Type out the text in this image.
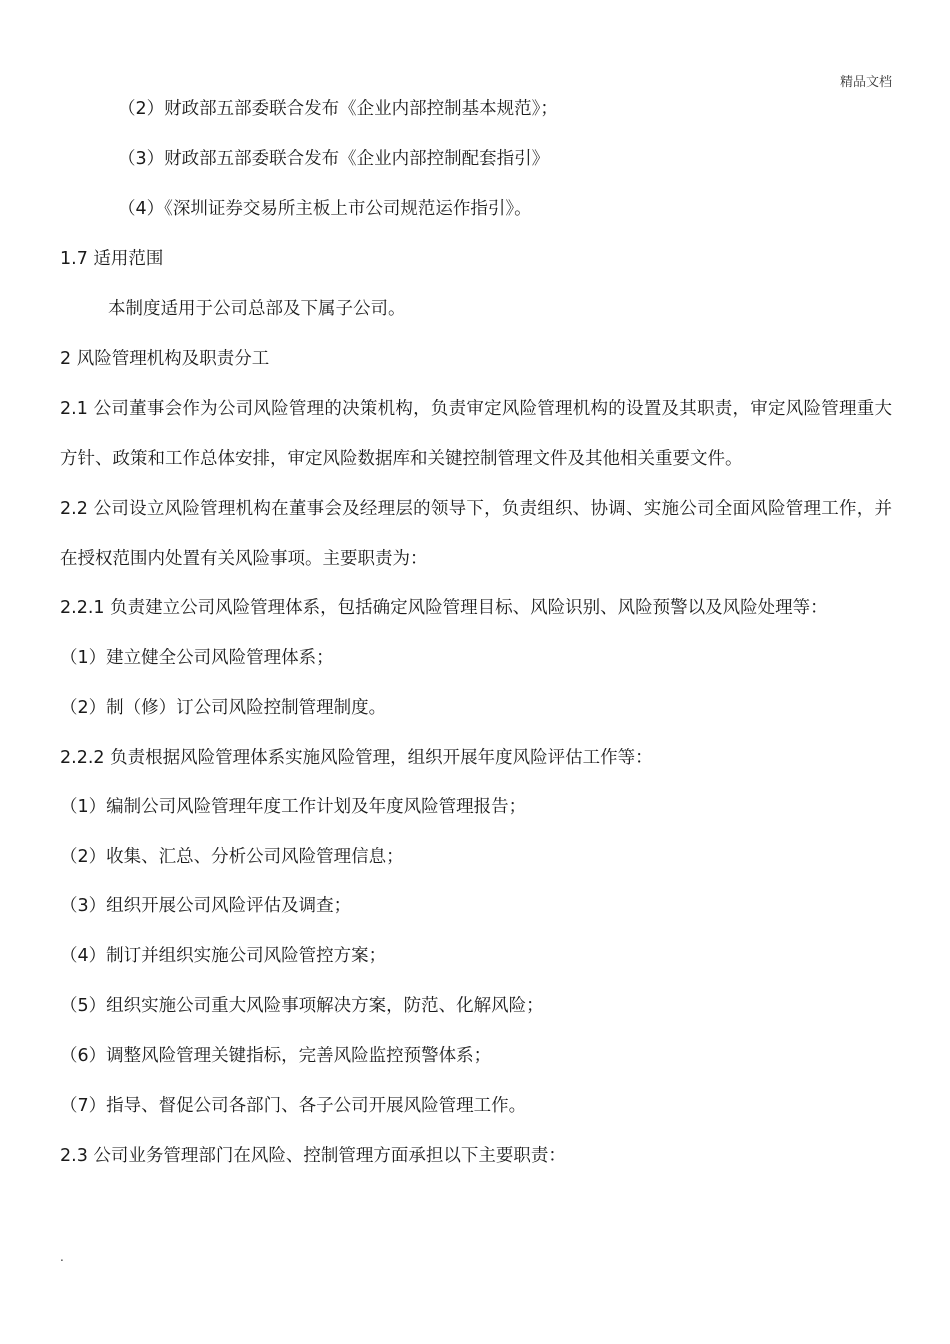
精品文档
（2）财政部五部委联合发布《企业内部控制基本规范》；
（3）财政部五部委联合发布《企业内部控制配套指引》
（4）《深圳证券交易所主板上市公司规范运作指引》。
1.7 适用范围
本制度适用于公司总部及下属子公司。
2 风险管理机构及职责分工
2.1 公司董事会作为公司风险管理的决策机构，负责审定风险管理机构的设置及其职责，审定风险管理重大方针、政策和工作总体安排，审定风险数据库和关键控制管理文件及其他相关重要文件。
2.2 公司设立风险管理机构在董事会及经理层的领导下，负责组织、协调、实施公司全面风险管理工作，并在授权范围内处置有关风险事项。主要职责为：
2.2.1 负责建立公司风险管理体系，包括确定风险管理目标、风险识别、风险预警以及风险处理等：
（1）建立健全公司风险管理体系；
（2）制（修）订公司风险控制管理制度。
2.2.2 负责根据风险管理体系实施风险管理，组织开展年度风险评估工作等：
（1）编制公司风险管理年度工作计划及年度风险管理报告；
（2）收集、汇总、分析公司风险管理信息；
（3）组织开展公司风险评估及调查；
（4）制订并组织实施公司风险管控方案；
（5）组织实施公司重大风险事项解决方案，防范、化解风险；
（6）调整风险管理关键指标，完善风险监控预警体系；
（7）指导、督促公司各部门、各子公司开展风险管理工作。
2.3 公司业务管理部门在风险、控制管理方面承担以下主要职责：
.
